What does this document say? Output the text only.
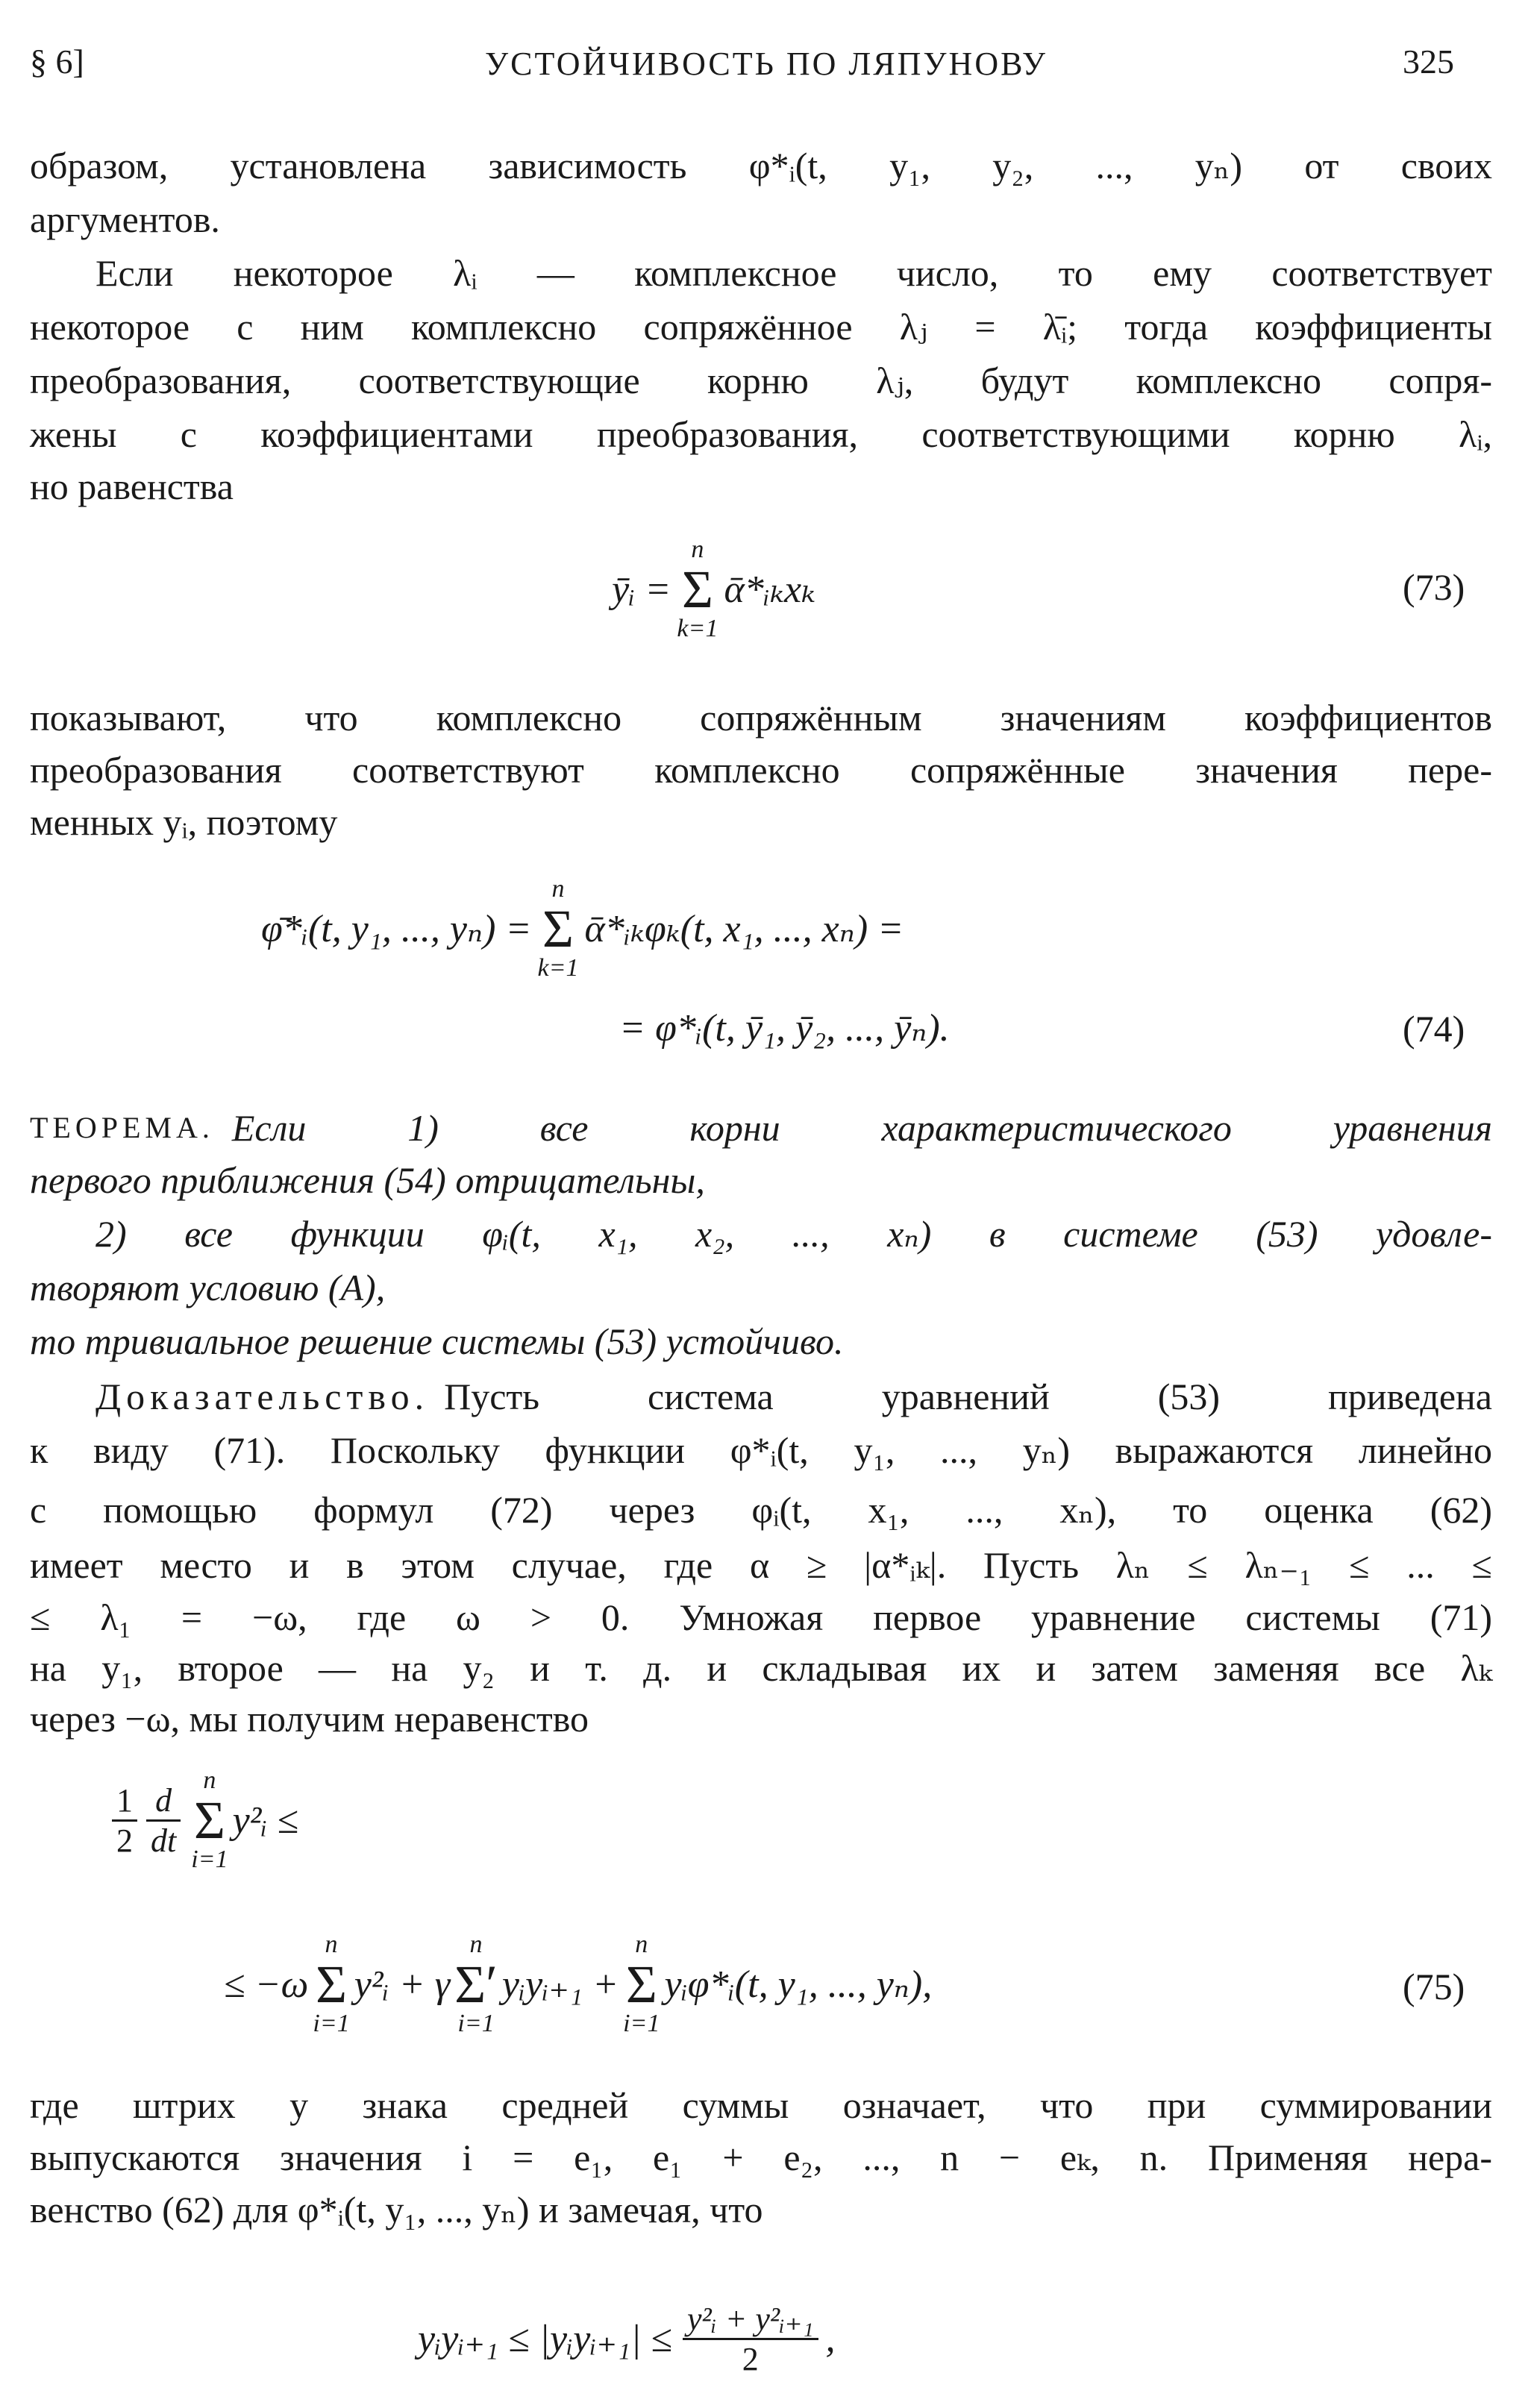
§ 6]	УСТОЙЧИВОСТЬ ПО ЛЯПУНОВУ	325
образом, установлена зависимость φ*ᵢ(t, y₁, y₂, ..., yₙ) от своих
аргументов.
Если некоторое λᵢ — комплексное число, то ему соответствует
некоторое с ним комплексно сопряжённое λⱼ = λ̄ᵢ; тогда коэффициенты
преобразования, соответствующие корню λⱼ, будут комплексно сопря-
жены с коэффициентами преобразования, соответствующими корню λᵢ,
но равенства
ȳᵢ =
n
Σ
k=1
ᾱ*ᵢₖxₖ	(73)
показывают, что комплексно сопряжённым значениям коэффициентов
преобразования соответствуют комплексно сопряжённые значения пере-
менных yᵢ, поэтому
φ̄*ᵢ(t, y₁, ..., yₙ) =
n
Σ
k=1
ᾱ*ᵢₖφₖ(t, x₁, ..., xₙ) =
= φ*ᵢ(t, ȳ₁, ȳ₂, ..., ȳₙ).	(74)
ТЕОРЕМА. Если 1) все корни характеристического уравнения
первого приближения (54) отрицательны,
2) все функции φᵢ(t, x₁, x₂, ..., xₙ) в системе (53) удовле-
творяют условию (A),
то тривиальное решение системы (53) устойчиво.
Доказательство. Пусть система уравнений (53) приведена
к виду (71). Поскольку функции φ*ᵢ(t, y₁, ..., yₙ) выражаются линейно
с помощью формул (72) через φᵢ(t, x₁, ..., xₙ), то оценка (62)
имеет место и в этом случае, где α ≥ |α*ᵢₖ|. Пусть λₙ ≤ λₙ₋₁ ≤ ... ≤
≤ λ₁ = −ω, где ω > 0. Умножая первое уравнение системы (71)
на y₁, второе — на y₂ и т. д. и складывая их и затем заменяя все λₖ
через −ω, мы получим неравенство
$\frac{1}{2} \frac{d}{dt}$
n
Σ
i=1
y²ᵢ ≤
≤ −ω
n
Σ
i=1
y²ᵢ + γ
n
Σ′
i=1
yᵢyᵢ₊₁ +
n
Σ
i=1
yᵢφ*ᵢ(t, y₁, ..., yₙ),	(75)
где штрих у знака средней суммы означает, что при суммировании
выпускаются значения i = e₁, e₁ + e₂, ..., n − eₖ, n. Применяя нера-
венство (62) для φ*ᵢ(t, y₁, ..., yₙ) и замечая, что
yᵢyᵢ₊₁ ≤ |yᵢyᵢ₊₁| ≤ $\frac{\text{y²ᵢ + y²ᵢ₊₁}}{2}$ ,
